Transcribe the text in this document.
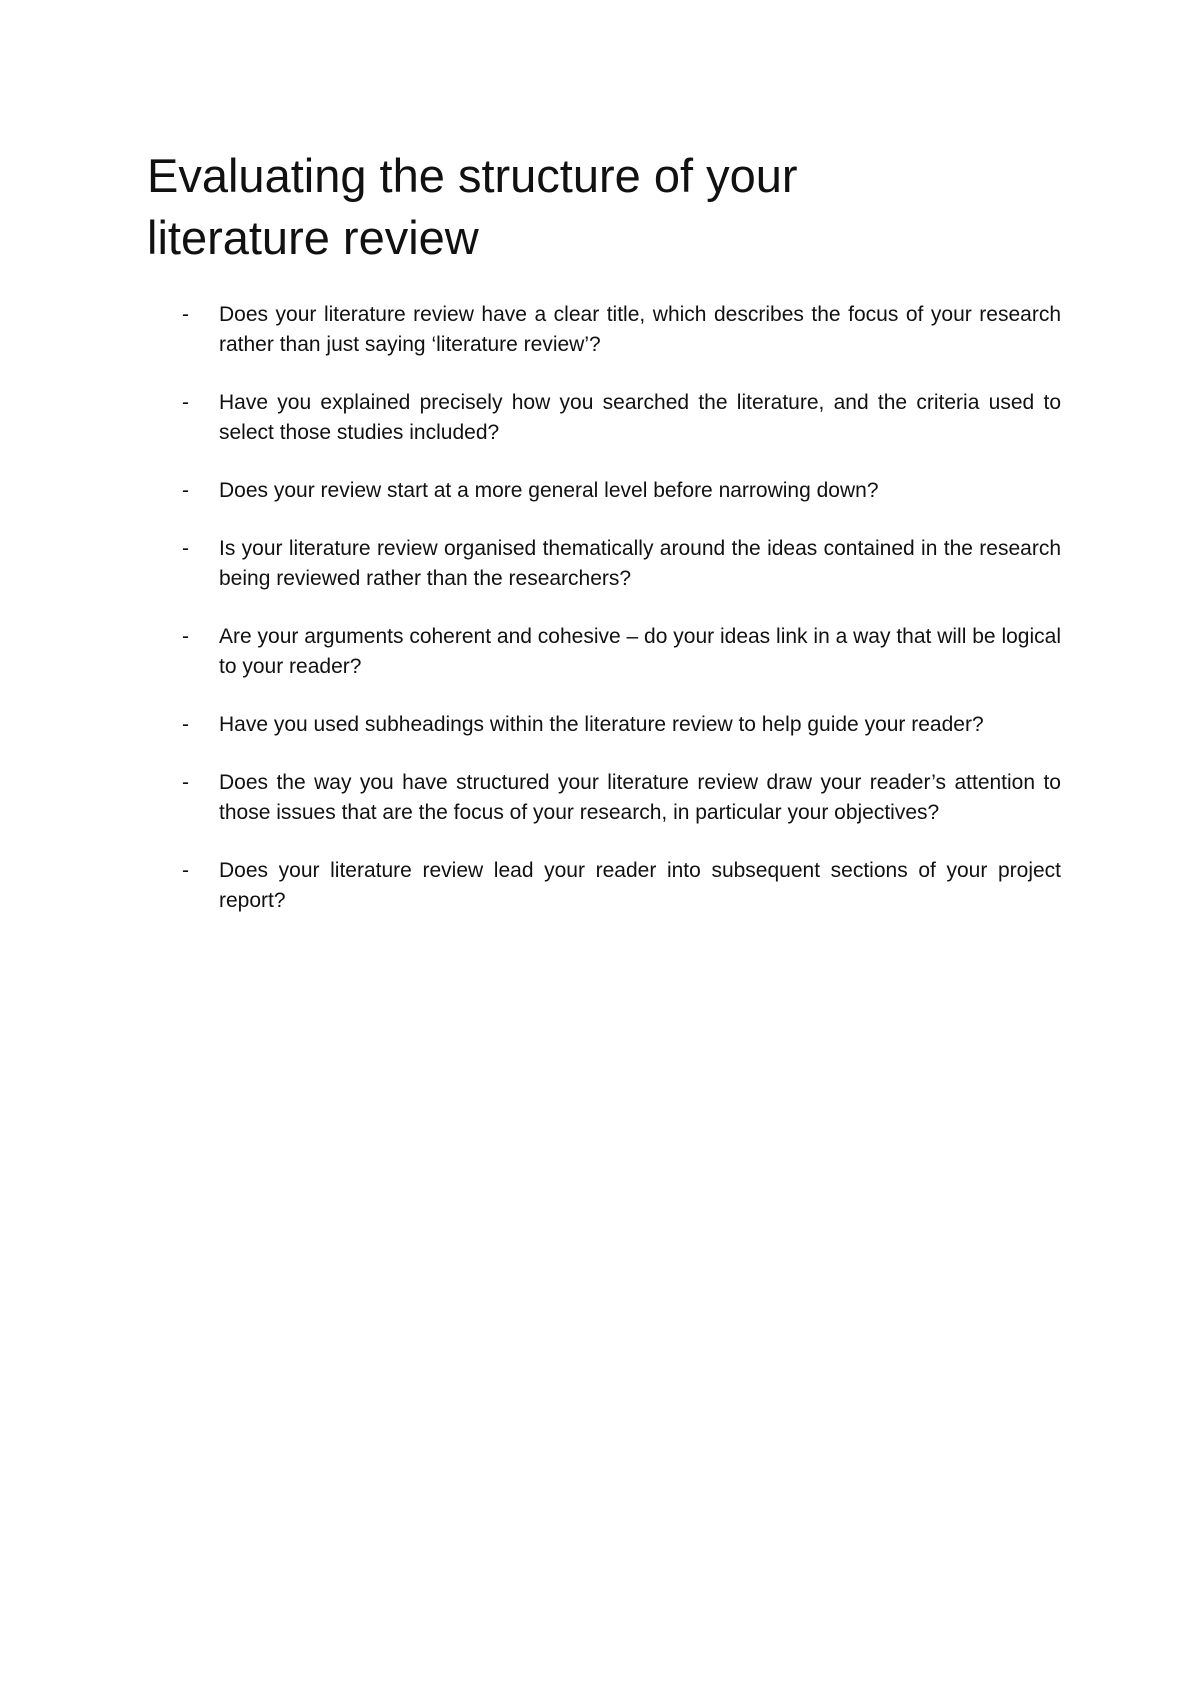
Evaluating the structure of your literature review
- Does your literature review have a clear title, which describes the focus of your research rather than just saying ‘literature review’?
- Have you explained precisely how you searched the literature, and the criteria used to select those studies included?
- Does your review start at a more general level before narrowing down?
- Is your literature review organised thematically around the ideas contained in the research being reviewed rather than the researchers?
- Are your arguments coherent and cohesive – do your ideas link in a way that will be logical to your reader?
- Have you used subheadings within the literature review to help guide your reader?
- Does the way you have structured your literature review draw your reader’s attention to those issues that are the focus of your research, in particular your objectives?
- Does your literature review lead your reader into subsequent sections of your project report?
